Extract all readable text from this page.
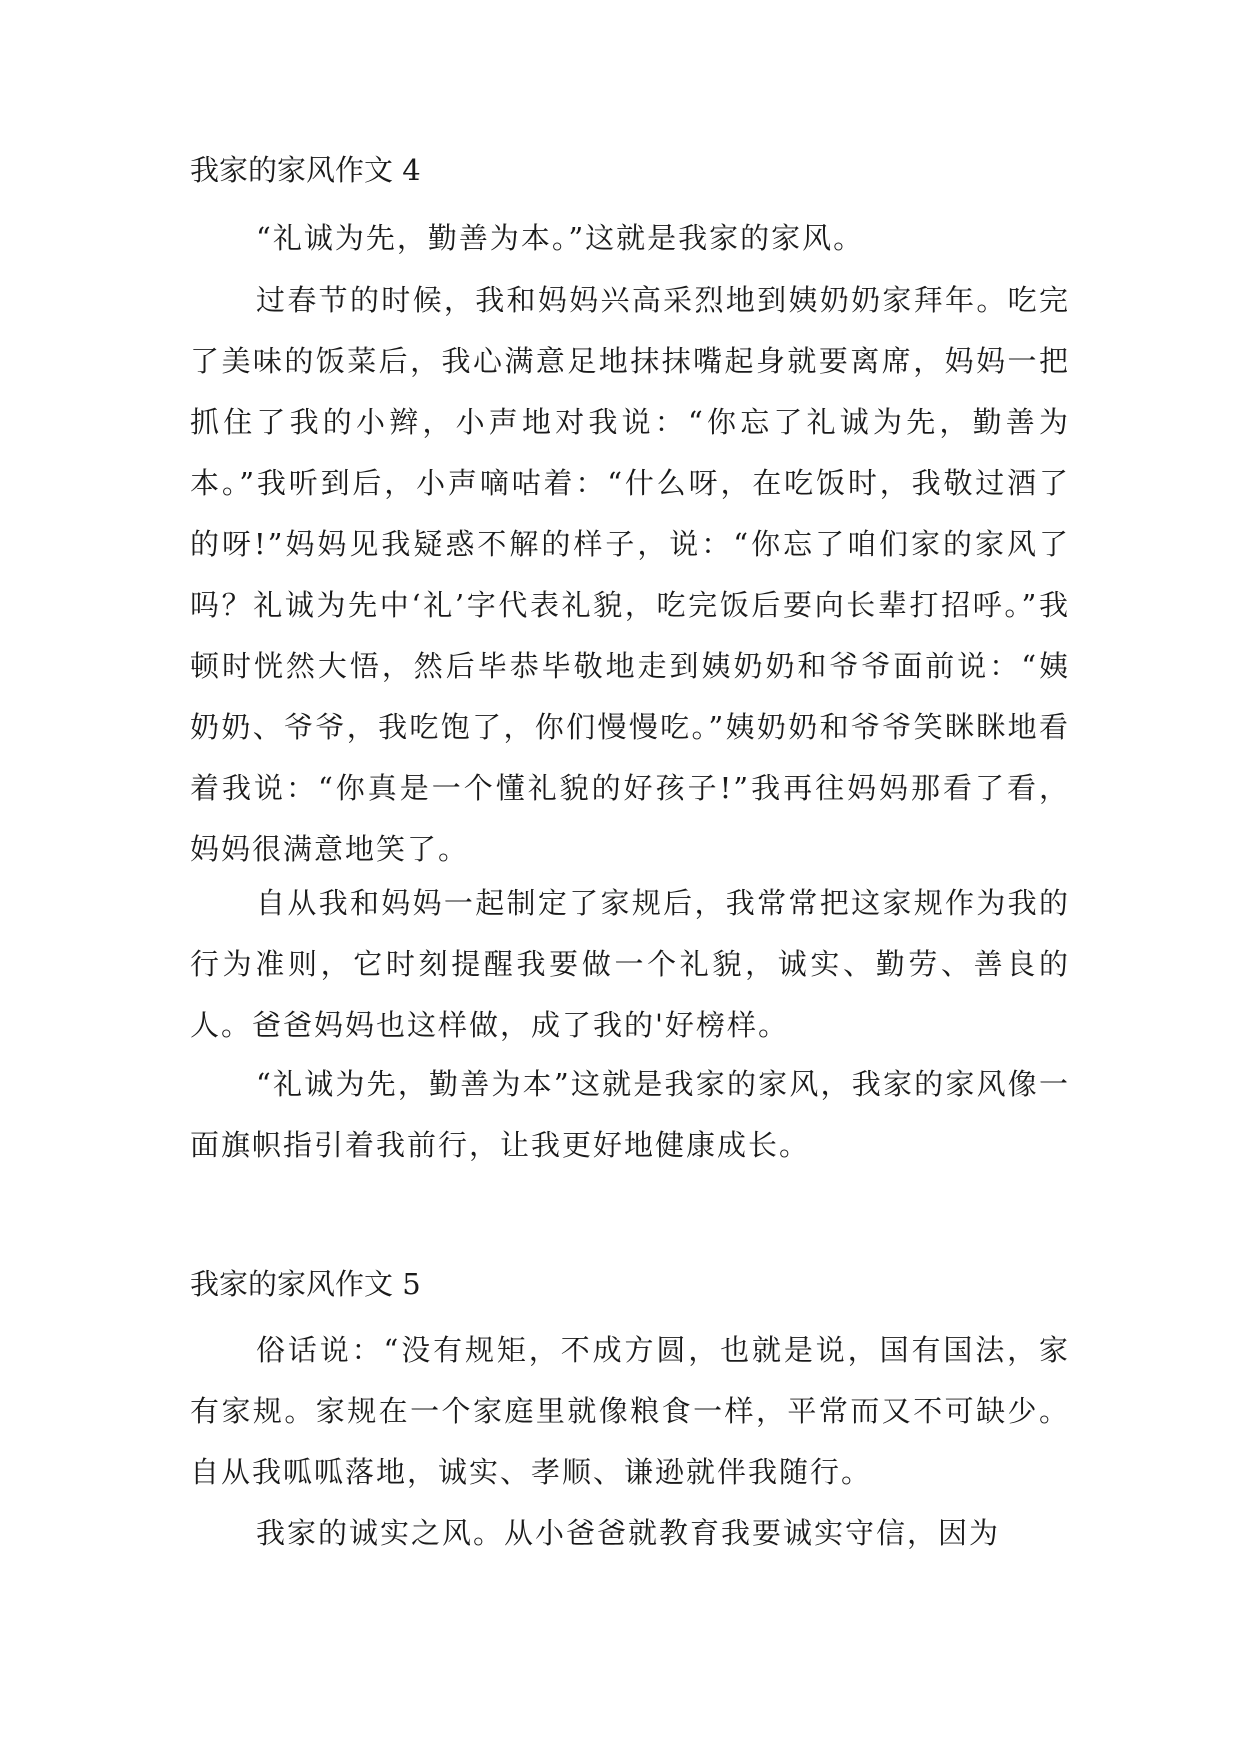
我家的家风作文 4

“礼诚为先，勤善为本。”这就是我家的家风。

过春节的时候，我和妈妈兴高采烈地到姨奶奶家拜年。吃完了美味的饭菜后，我心满意足地抹抹嘴起身就要离席，妈妈一把抓住了我的小辫，小声地对我说：“你忘了礼诚为先，勤善为本。”我听到后，小声嘀咕着：“什么呀，在吃饭时，我敬过酒了的呀!”妈妈见我疑惑不解的样子，说：“你忘了咱们家的家风了吗？礼诚为先中‘礼’字代表礼貌，吃完饭后要向长辈打招呼。”我顿时恍然大悟，然后毕恭毕敬地走到姨奶奶和爷爷面前说：“姨奶奶、爷爷，我吃饱了，你们慢慢吃。”姨奶奶和爷爷笑眯眯地看着我说：“你真是一个懂礼貌的好孩子!”我再往妈妈那看了看，妈妈很满意地笑了。

自从我和妈妈一起制定了家规后，我常常把这家规作为我的行为准则，它时刻提醒我要做一个礼貌，诚实、勤劳、善良的人。爸爸妈妈也这样做，成了我的'好榜样。

“礼诚为先，勤善为本”这就是我家的家风，我家的家风像一面旗帜指引着我前行，让我更好地健康成长。

我家的家风作文 5

俗话说：“没有规矩，不成方圆，也就是说，国有国法，家有家规。家规在一个家庭里就像粮食一样，平常而又不可缺少。自从我呱呱落地，诚实、孝顺、谦逊就伴我随行。

我家的诚实之风。从小爸爸就教育我要诚实守信，因为
